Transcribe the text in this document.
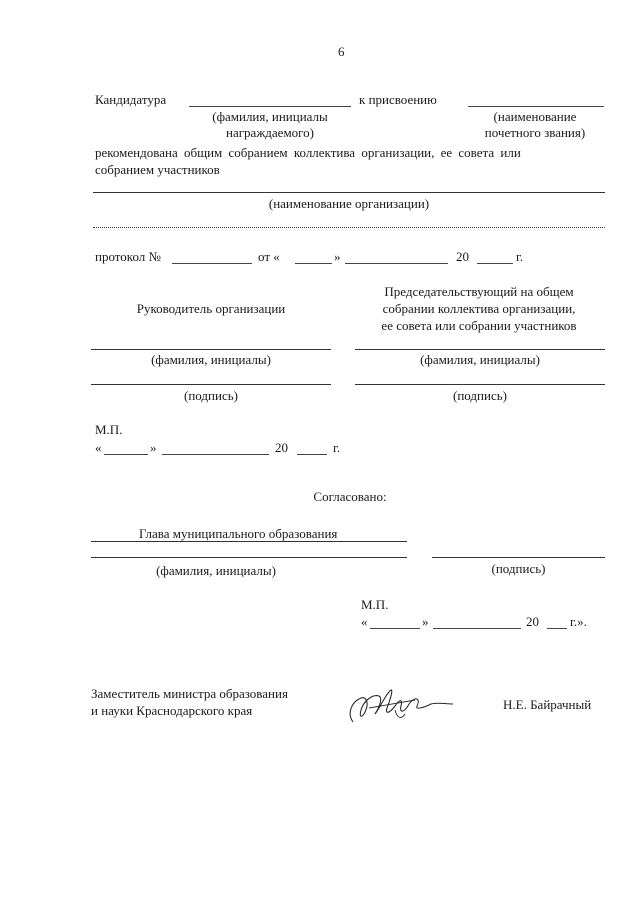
6
Кандидатура	к присвоению
(фамилия, инициалы
награждаемого)
(наименование
почетного звания)
рекомендована общим собранием коллектива организации, ее совета или
собранием участников
(наименование организации)
протокол №	от «	»	20	г.
Руководитель организации
Председательствующий на общем
собрании коллектива организации,
ее совета или собрании участников
(фамилия, инициалы)	(фамилия, инициалы)
(подпись)	(подпись)
М.П.
«	»	20	г.
Согласовано:
Глава муниципального образования
(фамилия, инициалы)	(подпись)
М.П.
«	»	20 г.».
Заместитель министра образования
и науки Краснодарского края	Н.Е. Байрачный
